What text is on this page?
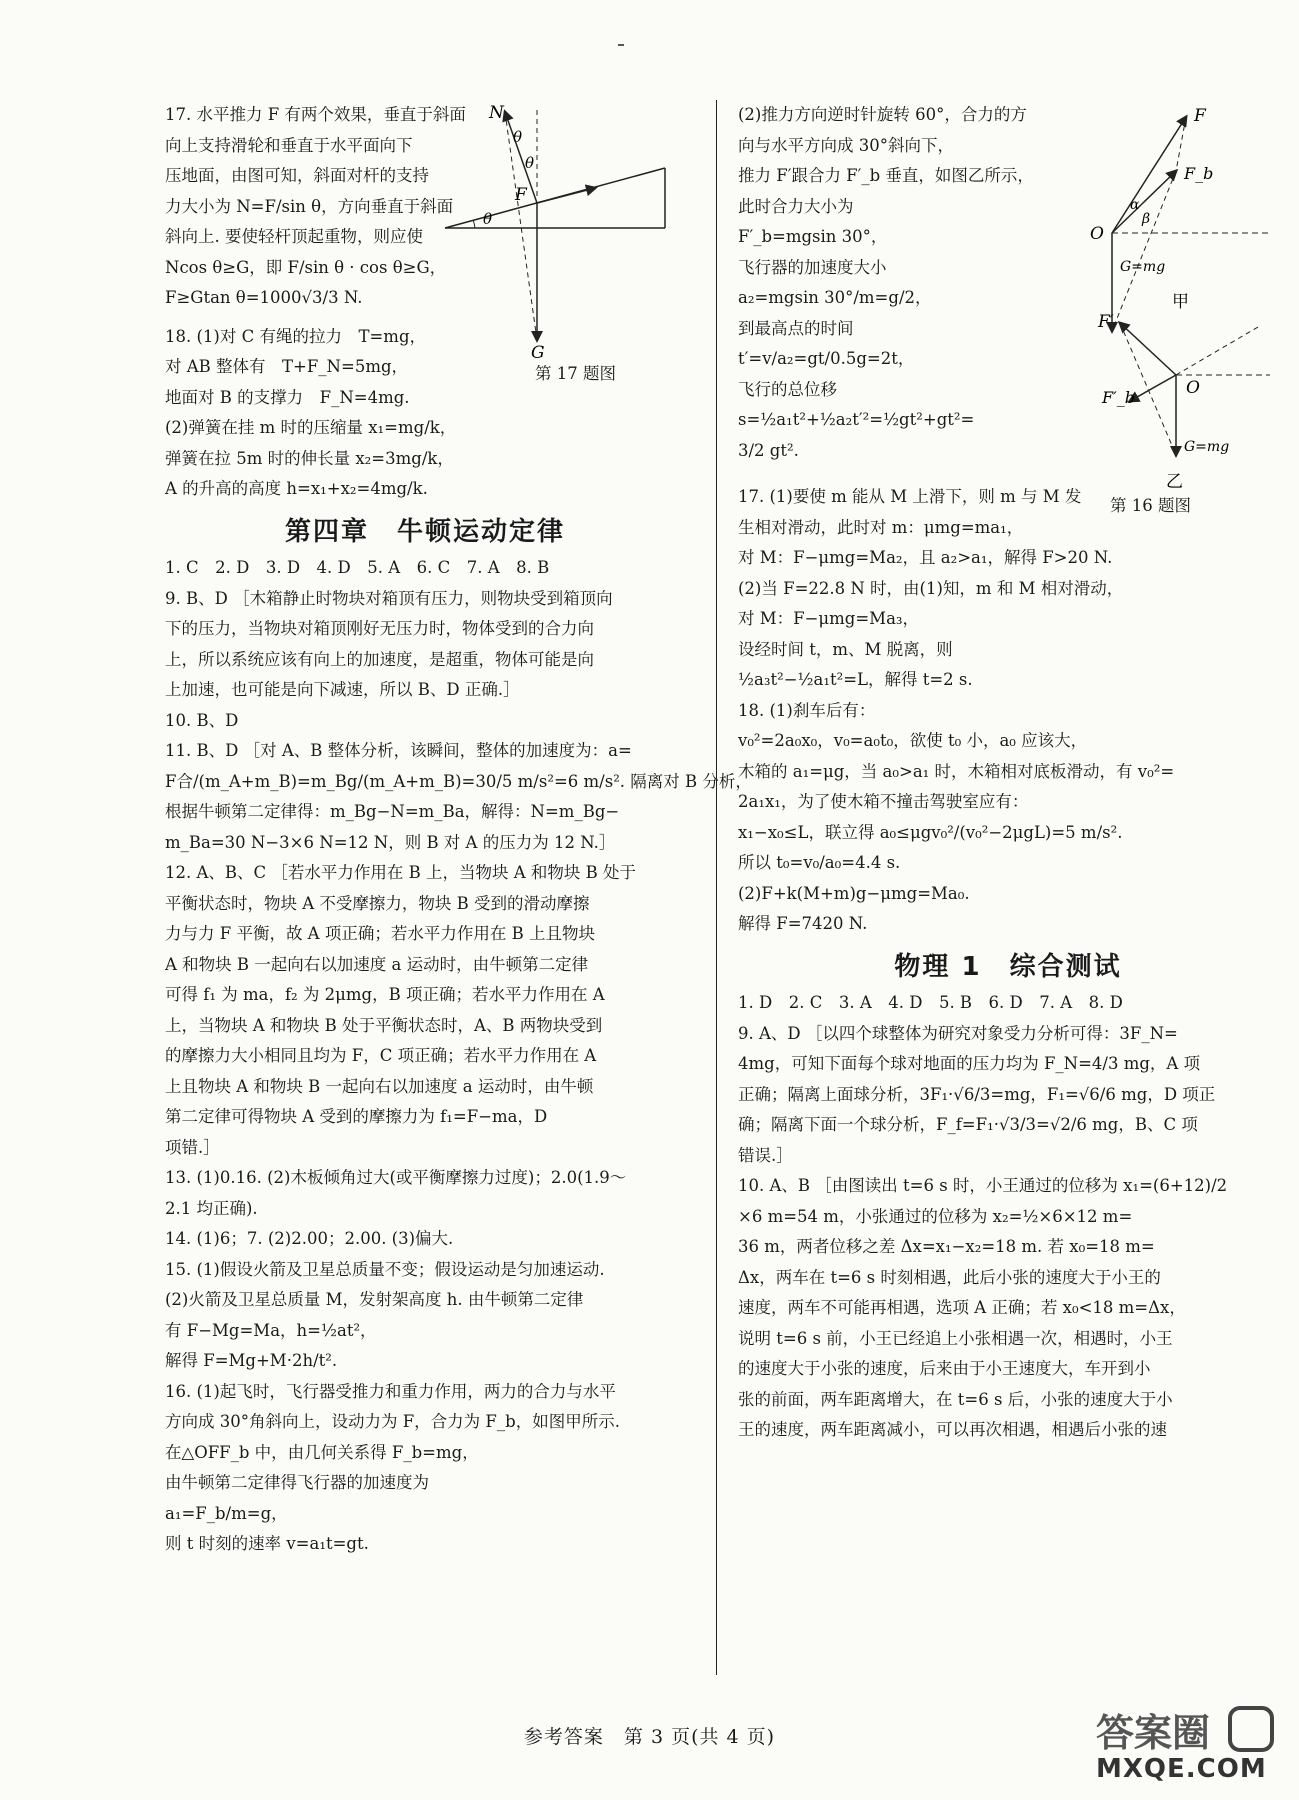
17. 水平推力 F 有两个效果，垂直于斜面
向上支持滑轮和垂直于水平面向下
压地面，由图可知，斜面对杆的支持
力大小为 N=F/sin θ，方向垂直于斜面
斜向上. 要使轻杆顶起重物，则应使
Ncos θ≥G，即 F/sin θ · cos θ≥G，
F≥Gtan θ=1000√3/3 N.
18. (1)对 C 有绳的拉力　T=mg，
对 AB 整体有　T+F_N=5mg，
地面对 B 的支撑力　F_N=4mg.
(2)弹簧在挂 m 时的压缩量 x₁=mg/k，
弹簧在拉 5m 时的伸长量 x₂=3mg/k，
A 的升高的高度 h=x₁+x₂=4mg/k.
第四章　牛顿运动定律
1. C　2. D　3. D　4. D　5. A　6. C　7. A　8. B
9. B、D ［木箱静止时物块对箱顶有压力，则物块受到箱顶向
下的压力，当物块对箱顶刚好无压力时，物体受到的合力向
上，所以系统应该有向上的加速度，是超重，物体可能是向
上加速，也可能是向下减速，所以 B、D 正确.］
10. B、D
11. B、D ［对 A、B 整体分析，该瞬间，整体的加速度为：a=
F合/(m_A+m_B)=m_Bg/(m_A+m_B)=30/5 m/s²=6 m/s². 隔离对 B 分析，
根据牛顿第二定律得：m_Bg−N=m_Ba，解得：N=m_Bg−
m_Ba=30 N−3×6 N=12 N，则 B 对 A 的压力为 12 N.］
12. A、B、C ［若水平力作用在 B 上，当物块 A 和物块 B 处于
平衡状态时，物块 A 不受摩擦力，物块 B 受到的滑动摩擦
力与力 F 平衡，故 A 项正确；若水平力作用在 B 上且物块
A 和物块 B 一起向右以加速度 a 运动时，由牛顿第二定律
可得 f₁ 为 ma，f₂ 为 2μmg，B 项正确；若水平力作用在 A
上，当物块 A 和物块 B 处于平衡状态时，A、B 两物块受到
的摩擦力大小相同且均为 F，C 项正确；若水平力作用在 A
上且物块 A 和物块 B 一起向右以加速度 a 运动时，由牛顿
第二定律可得物块 A 受到的摩擦力为 f₁=F−ma，D
项错.］
13. (1)0.16. (2)木板倾角过大(或平衡摩擦力过度)；2.0(1.9～
2.1 均正确).
14. (1)6；7. (2)2.00；2.00. (3)偏大.
15. (1)假设火箭及卫星总质量不变；假设运动是匀加速运动.
(2)火箭及卫星总质量 M，发射架高度 h. 由牛顿第二定律
有 F−Mg=Ma，h=½at²，
解得 F=Mg+M·2h/t².
16. (1)起飞时，飞行器受推力和重力作用，两力的合力与水平
方向成 30°角斜向上，设动力为 F，合力为 F_b，如图甲所示.
在△OFF_b 中，由几何关系得 F_b=mg，
由牛顿第二定律得飞行器的加速度为
a₁=F_b/m=g，
则 t 时刻的速率 v=a₁t=gt.
N
θ
θ
θ
F
G
第 17 题图
(2)推力方向逆时针旋转 60°，合力的方
向与水平方向成 30°斜向下，
推力 F′跟合力 F′_b 垂直，如图乙所示，
此时合力大小为
F′_b=mgsin 30°，
飞行器的加速度大小
a₂=mgsin 30°/m=g/2，
到最高点的时间
t′=v/a₂=gt/0.5g=2t，
飞行的总位移
s=½a₁t²+½a₂t′²=½gt²+gt²=
3/2 gt².
17. (1)要使 m 能从 M 上滑下，则 m 与 M 发
生相对滑动，此时对 m：μmg=ma₁，
对 M：F−μmg=Ma₂，且 a₂>a₁，解得 F>20 N.
(2)当 F=22.8 N 时，由(1)知，m 和 M 相对滑动，
对 M：F−μmg=Ma₃，
设经时间 t，m、M 脱离，则
½a₃t²−½a₁t²=L，解得 t=2 s.
18. (1)刹车后有：
v₀²=2a₀x₀，v₀=a₀t₀，欲使 t₀ 小，a₀ 应该大，
木箱的 a₁=μg，当 a₀>a₁ 时，木箱相对底板滑动，有 v₀²=
2a₁x₁，为了使木箱不撞击驾驶室应有：
x₁−x₀≤L，联立得 a₀≤μgv₀²/(v₀²−2μgL)=5 m/s².
所以 t₀=v₀/a₀=4.4 s.
(2)F+k(M+m)g−μmg=Ma₀.
解得 F=7420 N.
物理 1　综合测试
1. D　2. C　3. A　4. D　5. B　6. D　7. A　8. D
9. A、D ［以四个球整体为研究对象受力分析可得：3F_N=
4mg，可知下面每个球对地面的压力均为 F_N=4/3 mg，A 项
正确；隔离上面球分析，3F₁·√6/3=mg，F₁=√6/6 mg，D 项正
确；隔离下面一个球分析，F_f=F₁·√3/3=√2/6 mg，B、C 项
错误.］
10. A、B ［由图读出 t=6 s 时，小王通过的位移为 x₁=(6+12)/2
×6 m=54 m，小张通过的位移为 x₂=½×6×12 m=
36 m，两者位移之差 Δx=x₁−x₂=18 m. 若 x₀=18 m=
Δx，两车在 t=6 s 时刻相遇，此后小张的速度大于小王的
速度，两车不可能再相遇，选项 A 正确；若 x₀<18 m=Δx，
说明 t=6 s 前，小王已经追上小张相遇一次，相遇时，小王
的速度大于小张的速度，后来由于小王速度大，车开到小
张的前面，两车距离增大，在 t=6 s 后，小张的速度大于小
王的速度，两车距离减小，可以再次相遇，相遇后小张的速
F
F_b
O
α
β
G=mg
甲
F′
F′_b	O
G=mg
乙
第 16 题图
参考答案　第 3 页(共 4 页)	答案圈
MXQE.COM
